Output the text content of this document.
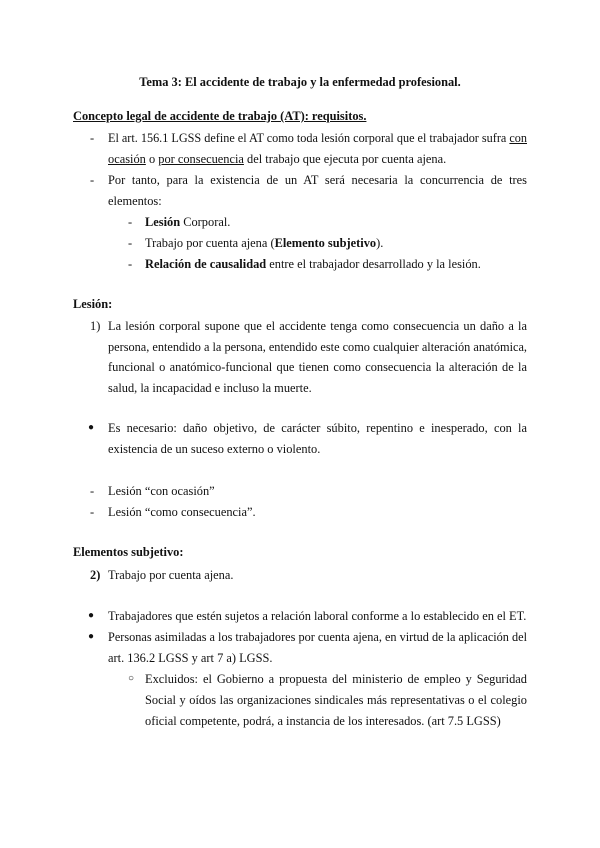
Tema 3: El accidente de trabajo y la enfermedad profesional.
Concepto legal de accidente de trabajo (AT): requisitos.
- El art. 156.1 LGSS define el AT como toda lesión corporal que el trabajador sufra con
ocasión o por consecuencia del trabajo que ejecuta por cuenta ajena.
- Por tanto, para la existencia de un AT será necesaria la concurrencia de tres
elementos:
- Lesión Corporal.
- Trabajo por cuenta ajena (Elemento subjetivo).
- Relación de causalidad entre el trabajador desarrollado y la lesión.
Lesión:
1) La lesión corporal supone que el accidente tenga como consecuencia un daño a la
persona, entendido a la persona, entendido este como cualquier alteración anatómica,
funcional o anatómico-funcional que tienen como consecuencia la alteración de la
salud, la incapacidad e incluso la muerte.
● Es necesario: daño objetivo, de carácter súbito, repentino e inesperado, con la
existencia de un suceso externo o violento.
- Lesión “con ocasión”
- Lesión “como consecuencia”.
Elementos subjetivo:
2) Trabajo por cuenta ajena.
● Trabajadores que estén sujetos a relación laboral conforme a lo establecido en el ET.
● Personas asimiladas a los trabajadores por cuenta ajena, en virtud de la aplicación del
art. 136.2 LGSS y art 7 a) LGSS.
○ Excluidos: el Gobierno a propuesta del ministerio de empleo y Seguridad
Social y oídos las organizaciones sindicales más representativas o el colegio
oficial competente, podrá, a instancia de los interesados. (art 7.5 LGSS)
